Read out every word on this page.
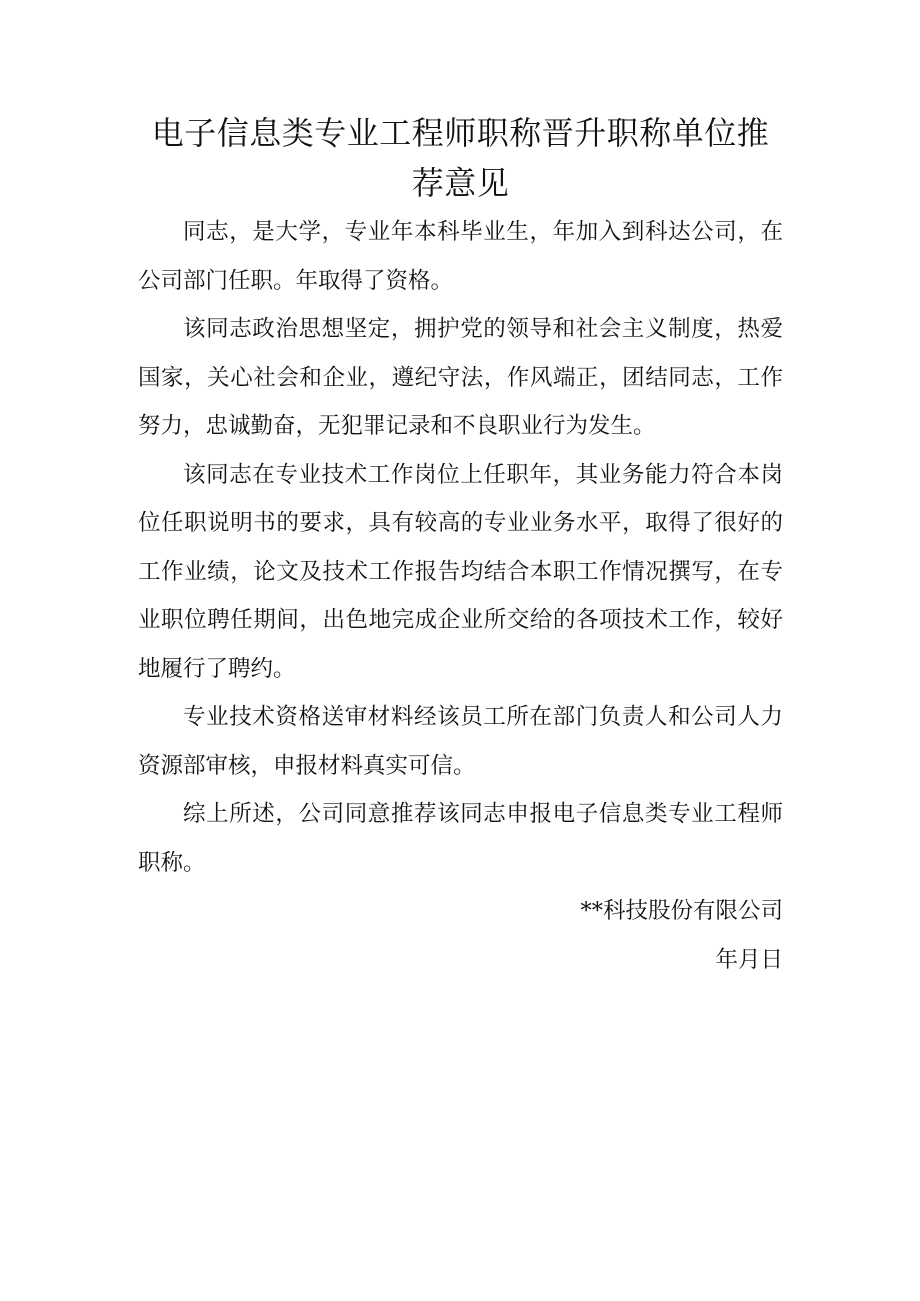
电子信息类专业工程师职称晋升职称单位推荐意见

同志，是大学，专业年本科毕业生，年加入到科达公司，在公司部门任职。年取得了资格。

该同志政治思想坚定，拥护党的领导和社会主义制度，热爱国家，关心社会和企业，遵纪守法，作风端正，团结同志，工作努力，忠诚勤奋，无犯罪记录和不良职业行为发生。

该同志在专业技术工作岗位上任职年，其业务能力符合本岗位任职说明书的要求，具有较高的专业业务水平，取得了很好的工作业绩，论文及技术工作报告均结合本职工作情况撰写，在专业职位聘任期间，出色地完成企业所交给的各项技术工作，较好地履行了聘约。

专业技术资格送审材料经该员工所在部门负责人和公司人力资源部审核，申报材料真实可信。

综上所述，公司同意推荐该同志申报电子信息类专业工程师职称。

**科技股份有限公司

年月日
